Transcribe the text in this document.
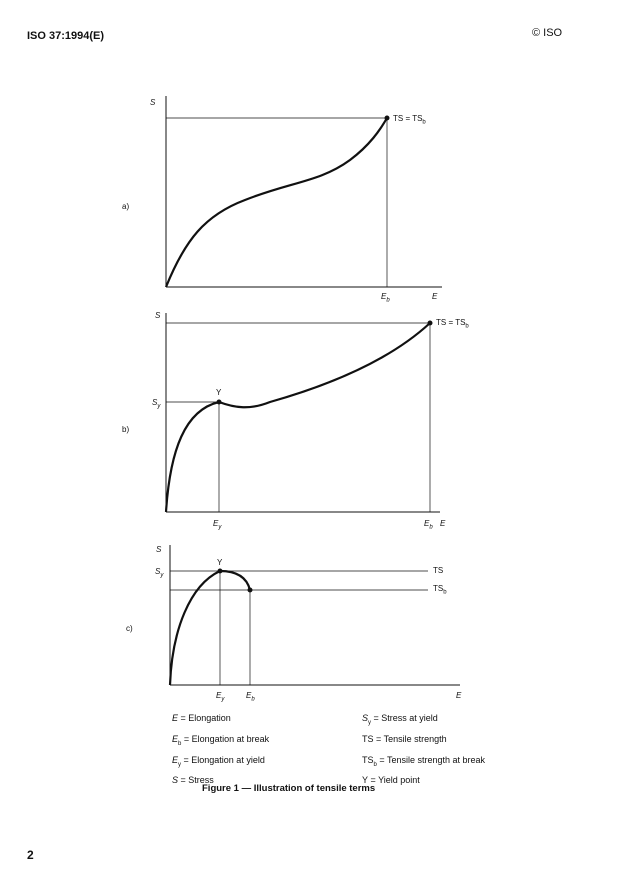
ISO 37:1994(E)	© ISO
a)
S
TS = $TS_b$
$E_b$	E
b)
S
$S_y$
Y
TS = $TS_b$
$E_y$	$E_b$ E
c)
S
$S_y$
Y
TS
$TS_b$
$E_y$	$E_b$	E
E = Elongation
$E_b$ = Elongation at break
$E_y$ = Elongation at yield
S = Stress
$S_y$ = Stress at yield
TS = Tensile strength
$TS_b$ = Tensile strength at break
Y = Yield point
Figure 1 — Illustration of tensile terms
2
